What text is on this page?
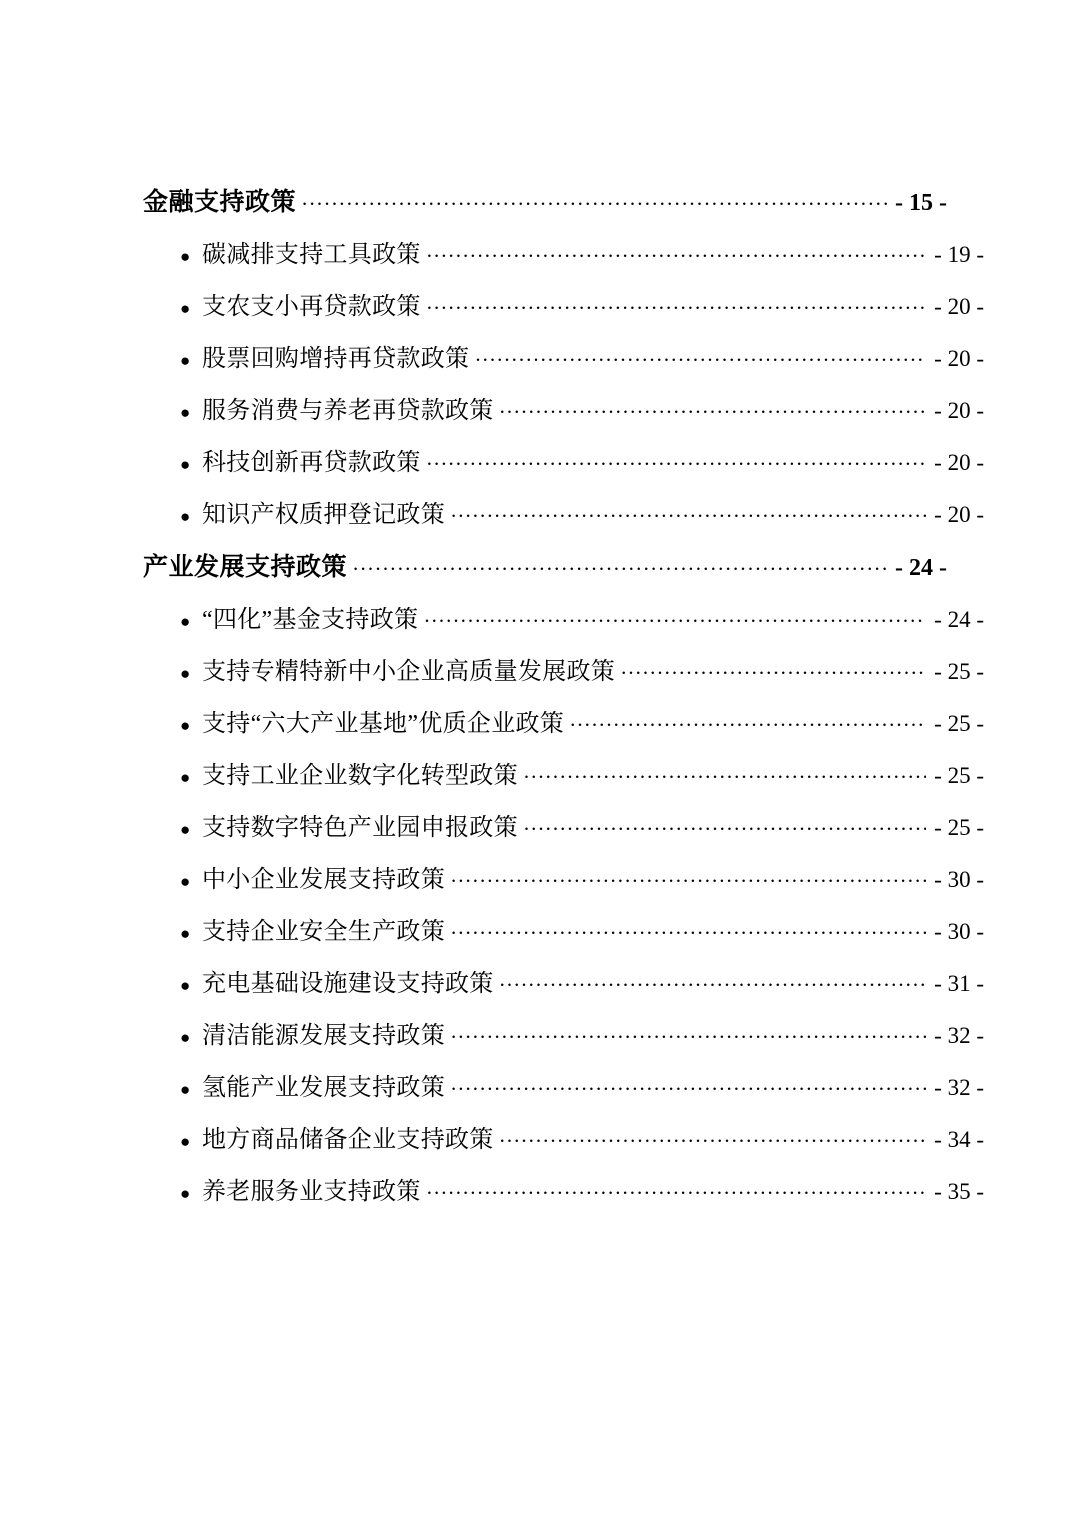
金融支持政策 .....	- 15 -
● 碳减排支持工具政策 .....	- 19 -
● 支农支小再贷款政策 .....	- 20 -
● 股票回购增持再贷款政策 .....	- 20 -
● 服务消费与养老再贷款政策 .....	- 20 -
● 科技创新再贷款政策 .....	- 20 -
● 知识产权质押登记政策 .....	- 20 -
产业发展支持政策 .....	- 24 -
● “四化”基金支持政策 .....	- 24 -
● 支持专精特新中小企业高质量发展政策 .....	- 25 -
● 支持“六大产业基地”优质企业政策 .....	- 25 -
● 支持工业企业数字化转型政策 .....	- 25 -
● 支持数字特色产业园申报政策 .....	- 25 -
● 中小企业发展支持政策 .....	- 30 -
● 支持企业安全生产政策 .....	- 30 -
● 充电基础设施建设支持政策 .....	- 31 -
● 清洁能源发展支持政策 .....	- 32 -
● 氢能产业发展支持政策 .....	- 32 -
● 地方商品储备企业支持政策 .....	- 34 -
● 养老服务业支持政策 .....	- 35 -
